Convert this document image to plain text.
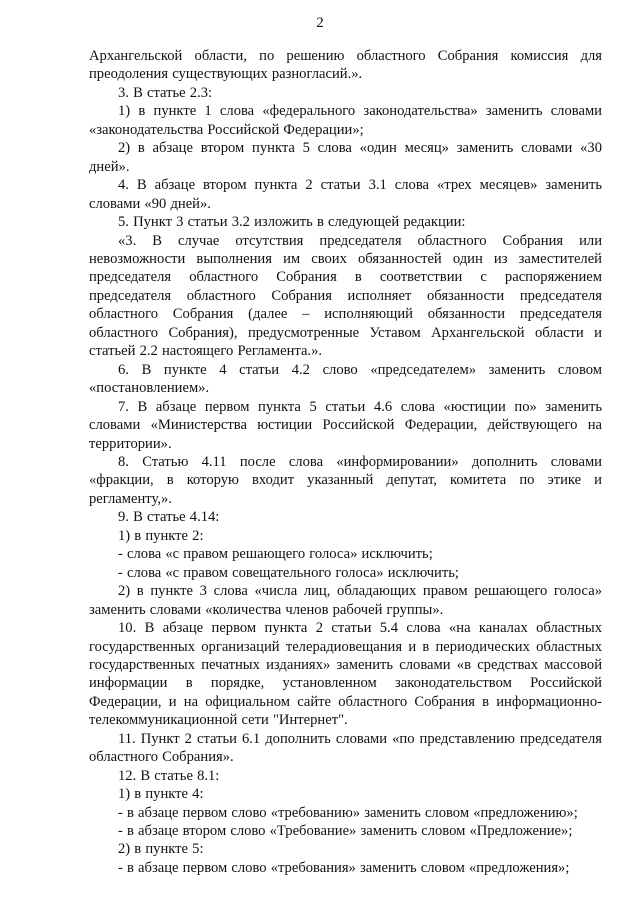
2

Архангельской области, по решению областного Собрания комиссия для преодоления существующих разногласий.».

3. В статье 2.3:

1) в пункте 1 слова «федерального законодательства» заменить словами «законодательства Российской Федерации»;

2) в абзаце втором пункта 5 слова «один месяц» заменить словами «30 дней».

4. В абзаце втором пункта 2 статьи 3.1 слова «трех месяцев» заменить словами «90 дней».

5. Пункт 3 статьи 3.2 изложить в следующей редакции:

«3. В случае отсутствия председателя областного Собрания или невозможности выполнения им своих обязанностей один из заместителей председателя областного Собрания в соответствии с распоряжением председателя областного Собрания исполняет обязанности председателя областного Собрания (далее – исполняющий обязанности председателя областного Собрания), предусмотренные Уставом Архангельской области и статьей 2.2 настоящего Регламента.».

6. В пункте 4 статьи 4.2 слово «председателем» заменить словом «постановлением».

7. В абзаце первом пункта 5 статьи 4.6 слова «юстиции по» заменить словами «Министерства юстиции Российской Федерации, действующего на территории».

8. Статью 4.11 после слова «информировании» дополнить словами «фракции, в которую входит указанный депутат, комитета по этике и регламенту,».

9. В статье 4.14:

1) в пункте 2:

- слова «с правом решающего голоса» исключить;

- слова «с правом совещательного голоса» исключить;

2) в пункте 3 слова «числа лиц, обладающих правом решающего голоса» заменить словами «количества членов рабочей группы».

10. В абзаце первом пункта 2 статьи 5.4 слова «на каналах областных государственных организаций телерадиовещания и в периодических областных государственных печатных изданиях» заменить словами «в средствах массовой информации в порядке, установленном законодательством Российской Федерации, и на официальном сайте областного Собрания в информационно-телекоммуникационной сети "Интернет".

11. Пункт 2 статьи 6.1 дополнить словами «по представлению председателя областного Собрания».

12. В статье 8.1:

1) в пункте 4:

- в абзаце первом слово «требованию» заменить словом «предложению»;

- в абзаце втором слово «Требование» заменить словом «Предложение»;

2) в пункте 5:

- в абзаце первом слово «требования» заменить словом «предложения»;
